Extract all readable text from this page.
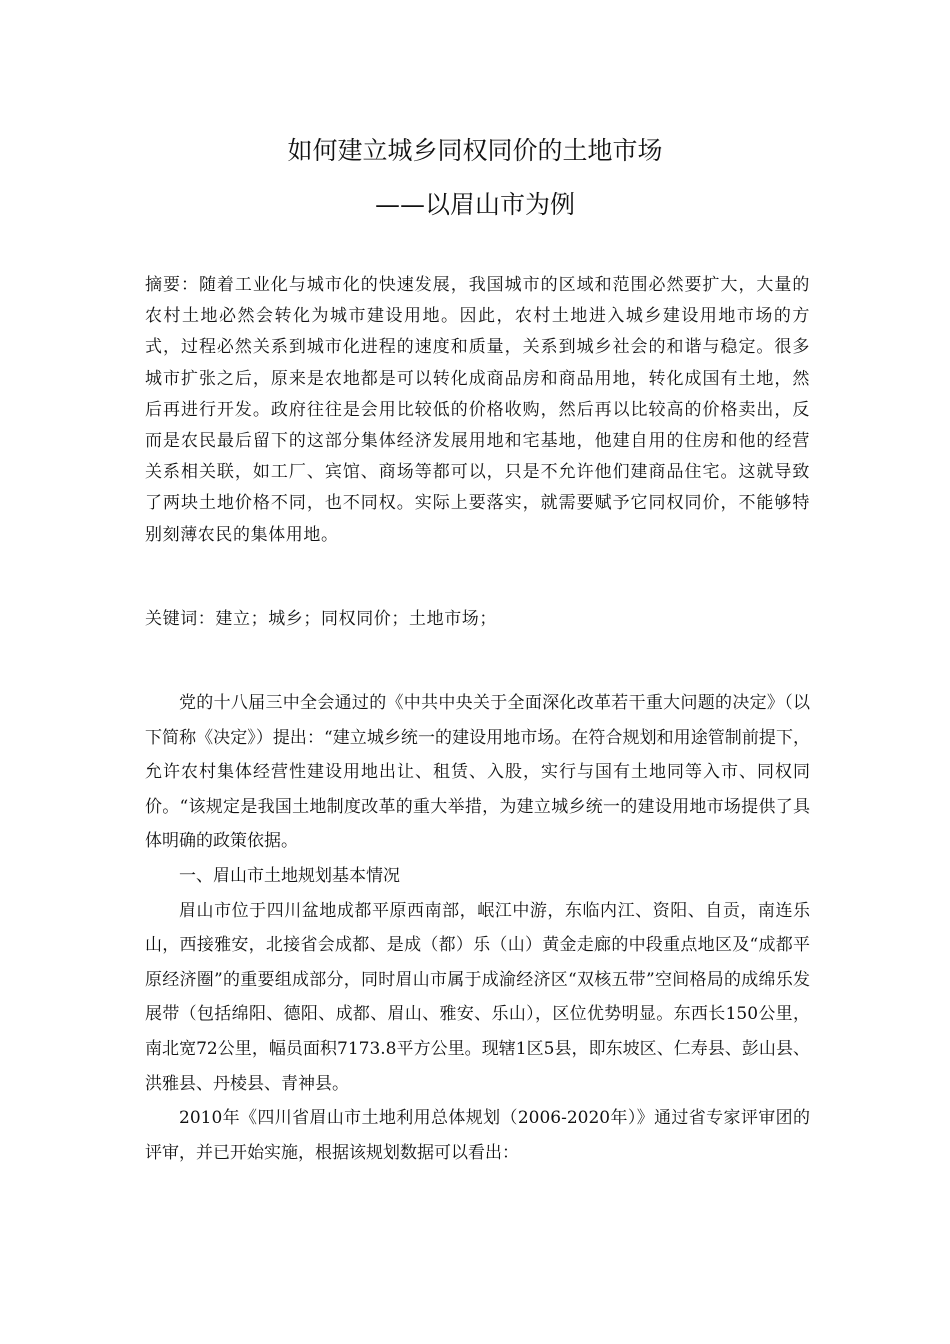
如何建立城乡同权同价的土地市场
——以眉山市为例
摘要：随着工业化与城市化的快速发展，我国城市的区域和范围必然要扩大，大量的农村土地必然会转化为城市建设用地。因此，农村土地进入城乡建设用地市场的方式，过程必然关系到城市化进程的速度和质量，关系到城乡社会的和谐与稳定。很多城市扩张之后，原来是农地都是可以转化成商品房和商品用地，转化成国有土地，然后再进行开发。政府往往是会用比较低的价格收购，然后再以比较高的价格卖出，反而是农民最后留下的这部分集体经济发展用地和宅基地，他建自用的住房和他的经营关系相关联，如工厂、宾馆、商场等都可以，只是不允许他们建商品住宅。这就导致了两块土地价格不同，也不同权。实际上要落实，就需要赋予它同权同价，不能够特别刻薄农民的集体用地。
关键词：建立；城乡；同权同价；土地市场；

党的十八届三中全会通过的《中共中央关于全面深化改革若干重大问题的决定》（以下简称《决定》）提出：“建立城乡统一的建设用地市场。在符合规划和用途管制前提下，允许农村集体经营性建设用地出让、租赁、入股，实行与国有土地同等入市、同权同价。“该规定是我国土地制度改革的重大举措，为建立城乡统一的建设用地市场提供了具体明确的政策依据。

一、眉山市土地规划基本情况

眉山市位于四川盆地成都平原西南部，岷江中游，东临内江、资阳、自贡，南连乐山，西接雅安，北接省会成都、是成（都）乐（山）黄金走廊的中段重点地区及“成都平原经济圈”的重要组成部分，同时眉山市属于成渝经济区“双核五带”空间格局的成绵乐发展带（包括绵阳、德阳、成都、眉山、雅安、乐山），区位优势明显。东西长150公里，南北宽72公里，幅员面积7173.8平方公里。现辖1区5县，即东坡区、仁寿县、彭山县、洪雅县、丹棱县、青神县。

2010年《四川省眉山市土地利用总体规划（2006-2020年）》通过省专家评审团的评审，并已开始实施，根据该规划数据可以看出：
